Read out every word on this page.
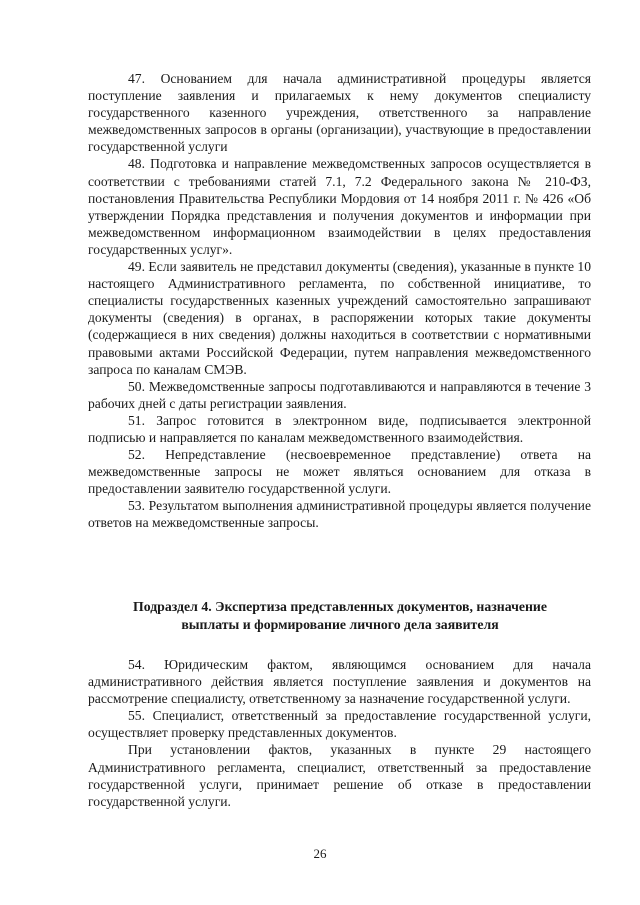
47. Основанием для начала административной процедуры является поступление заявления и прилагаемых к нему документов специалисту государственного казенного учреждения, ответственного за направление межведомственных запросов в органы (организации), участвующие в предоставлении государственной услуги

48. Подготовка и направление межведомственных запросов осуществляется в соответствии с требованиями статей 7.1, 7.2 Федерального закона № 210-ФЗ, постановления Правительства Республики Мордовия от 14 ноября 2011 г. № 426 «Об утверждении Порядка представления и получения документов и информации при межведомственном информационном взаимодействии в целях предоставления государственных услуг».

49. Если заявитель не представил документы (сведения), указанные в пункте 10 настоящего Административного регламента, по собственной инициативе, то специалисты государственных казенных учреждений самостоятельно запрашивают документы (сведения) в органах, в распоряжении которых такие документы (содержащиеся в них сведения) должны находиться в соответствии с нормативными правовыми актами Российской Федерации, путем направления межведомственного запроса по каналам СМЭВ.

50. Межведомственные запросы подготавливаются и направляются в течение 3 рабочих дней с даты регистрации заявления.

51. Запрос готовится в электронном виде, подписывается электронной подписью и направляется по каналам межведомственного взаимодействия.

52. Непредставление (несвоевременное представление) ответа на межведомственные запросы не может являться основанием для отказа в предоставлении заявителю государственной услуги.

53. Результатом выполнения административной процедуры является получение ответов на межведомственные запросы.

Подраздел 4. Экспертиза представленных документов, назначение выплаты и формирование личного дела заявителя

54. Юридическим фактом, являющимся основанием для начала административного действия является поступление заявления и документов на рассмотрение специалисту, ответственному за назначение государственной услуги.

55. Специалист, ответственный за предоставление государственной услуги, осуществляет проверку представленных документов.

При установлении фактов, указанных в пункте 29 настоящего Административного регламента, специалист, ответственный за предоставление государственной услуги, принимает решение об отказе в предоставлении государственной услуги.

26
